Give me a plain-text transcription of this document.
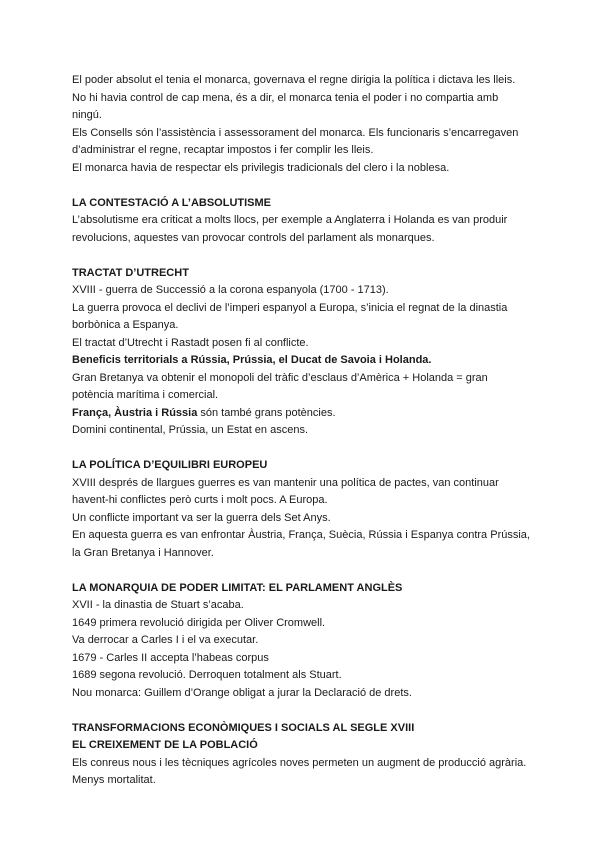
El poder absolut el tenia el monarca, governava el regne dirigia la política i dictava les lleis.

No hi havia control de cap mena, és a dir, el monarca tenia el poder i no compartia amb

ningú.

Els Consells són l’assistència i assessorament del monarca. Els funcionaris s’encarregaven

d’administrar el regne, recaptar impostos i fer complir les lleis.

El monarca havia de respectar els privilegis tradicionals del clero i la noblesa.

LA CONTESTACIÓ A L’ABSOLUTISME

L’absolutisme era criticat a molts llocs, per exemple a Anglaterra i Holanda es van produir

revolucions, aquestes van provocar controls del parlament als monarques.

TRACTAT D’UTRECHT

XVIII - guerra de Successió a la corona espanyola (1700 - 1713).

La guerra provoca el declivi de l’imperi espanyol a Europa, s’inicia el regnat de la dinastia

borbònica a Espanya.

El tractat d’Utrecht i Rastadt posen fi al conflicte.

Beneficis territorials a Rússia, Prússia, el Ducat de Savoia i Holanda.

Gran Bretanya va obtenir el monopoli del tràfic d’esclaus d’Amèrica + Holanda = gran

potència marítima i comercial.

França, Àustria i Rússia són també grans potències.

Domini continental, Prússia, un Estat en ascens.

LA POLÍTICA D’EQUILIBRI EUROPEU

XVIII després de llargues guerres es van mantenir una política de pactes, van continuar

havent-hi conflictes però curts i molt pocs. A Europa.

Un conflicte important va ser la guerra dels Set Anys.

En aquesta guerra es van enfrontar Àustria, França, Suècia, Rússia i Espanya contra Prússia,

la Gran Bretanya i Hannover.

LA MONARQUIA DE PODER LIMITAT: EL PARLAMENT ANGLÈS

XVII - la dinastia de Stuart s’acaba.

1649 primera revolució dirigida per Oliver Cromwell.

Va derrocar a Carles I i el va executar.

1679 - Carles II accepta l’habeas corpus

1689 segona revolució. Derroquen totalment als Stuart.

Nou monarca: Guillem d’Orange obligat a jurar la Declaració de drets.

TRANSFORMACIONS ECONÒMIQUES I SOCIALS AL SEGLE XVIII

EL CREIXEMENT DE LA POBLACIÓ

Els conreus nous i les tècniques agrícoles noves permeten un augment de producció agrària.

Menys mortalitat.
